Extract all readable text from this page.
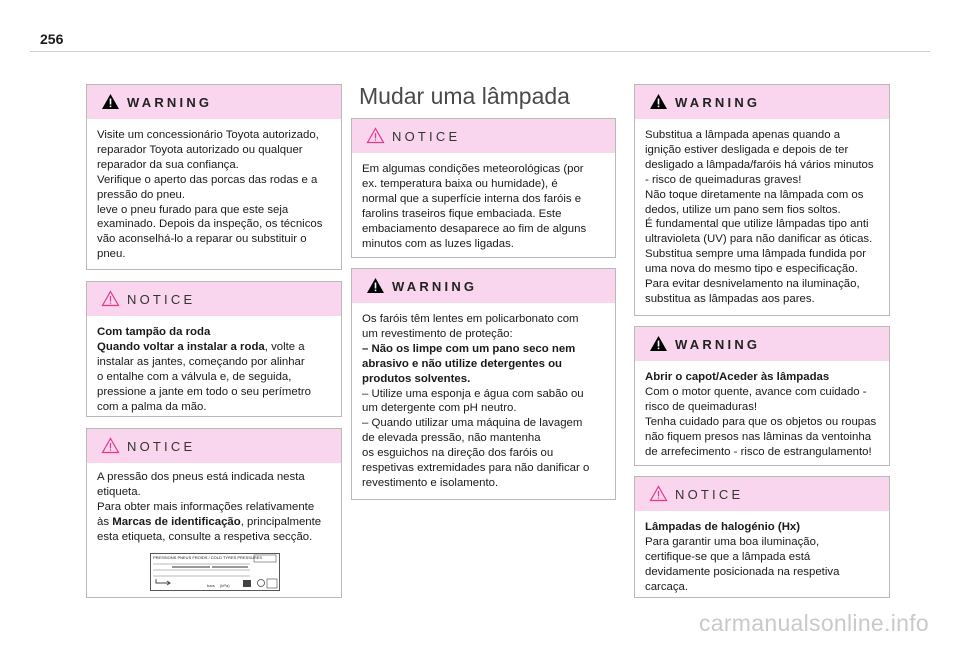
256
WARNING

Visite um concessionário Toyota autorizado,

reparador Toyota autorizado ou qualquer

reparador da sua confiança.

Verifique o aperto das porcas das rodas e a

pressão do pneu.

leve o pneu furado para que este seja

examinado. Depois da inspeção, os técnicos

vão aconselhá-lo a reparar ou substituir o

pneu.

NOTICE

Com tampão da roda

Quando voltar a instalar a roda, volte a

instalar as jantes, começando por alinhar

o entalhe com a válvula e, de seguida,

pressione a jante em todo o seu perímetro

com a palma da mão.

NOTICE

A pressão dos pneus está indicada nesta

etiqueta.

Para obter mais informações relativamente

às Marcas de identificação, principalmente

esta etiqueta, consulte a respetiva secção.

PRESSIONS PNEUS FROIDS / COLD TYRES PRESSURES
bars (kPa)
Mudar uma lâmpada
NOTICE

Em algumas condições meteorológicas (por

ex. temperatura baixa ou humidade), é

normal que a superfície interna dos faróis e

farolins traseiros fique embaciada. Este

embaciamento desaparece ao fim de alguns

minutos com as luzes ligadas.

WARNING

Os faróis têm lentes em policarbonato com

um revestimento de proteção:

– Não os limpe com um pano seco nem

abrasivo e não utilize detergentes ou

produtos solventes.

– Utilize uma esponja e água com sabão ou

um detergente com pH neutro.

– Quando utilizar uma máquina de lavagem

de elevada pressão, não mantenha

os esguichos na direção dos faróis ou

respetivas extremidades para não danificar o

revestimento e isolamento.

WARNING

Substitua a lâmpada apenas quando a

ignição estiver desligada e depois de ter

desligado a lâmpada/faróis há vários minutos

- risco de queimaduras graves!

Não toque diretamente na lâmpada com os

dedos, utilize um pano sem fios soltos.

É fundamental que utilize lâmpadas tipo anti

ultravioleta (UV) para não danificar as óticas.

Substitua sempre uma lâmpada fundida por

uma nova do mesmo tipo e especificação.

Para evitar desnivelamento na iluminação,

substitua as lâmpadas aos pares.

WARNING

Abrir o capot/Aceder às lâmpadas

Com o motor quente, avance com cuidado -

risco de queimaduras!

Tenha cuidado para que os objetos ou roupas

não fiquem presos nas lâminas da ventoinha

de arrefecimento - risco de estrangulamento!

NOTICE

Lâmpadas de halogénio (Hx)

Para garantir uma boa iluminação,

certifique-se que a lâmpada está

devidamente posicionada na respetiva

carcaça.

carmanualsonline.info
